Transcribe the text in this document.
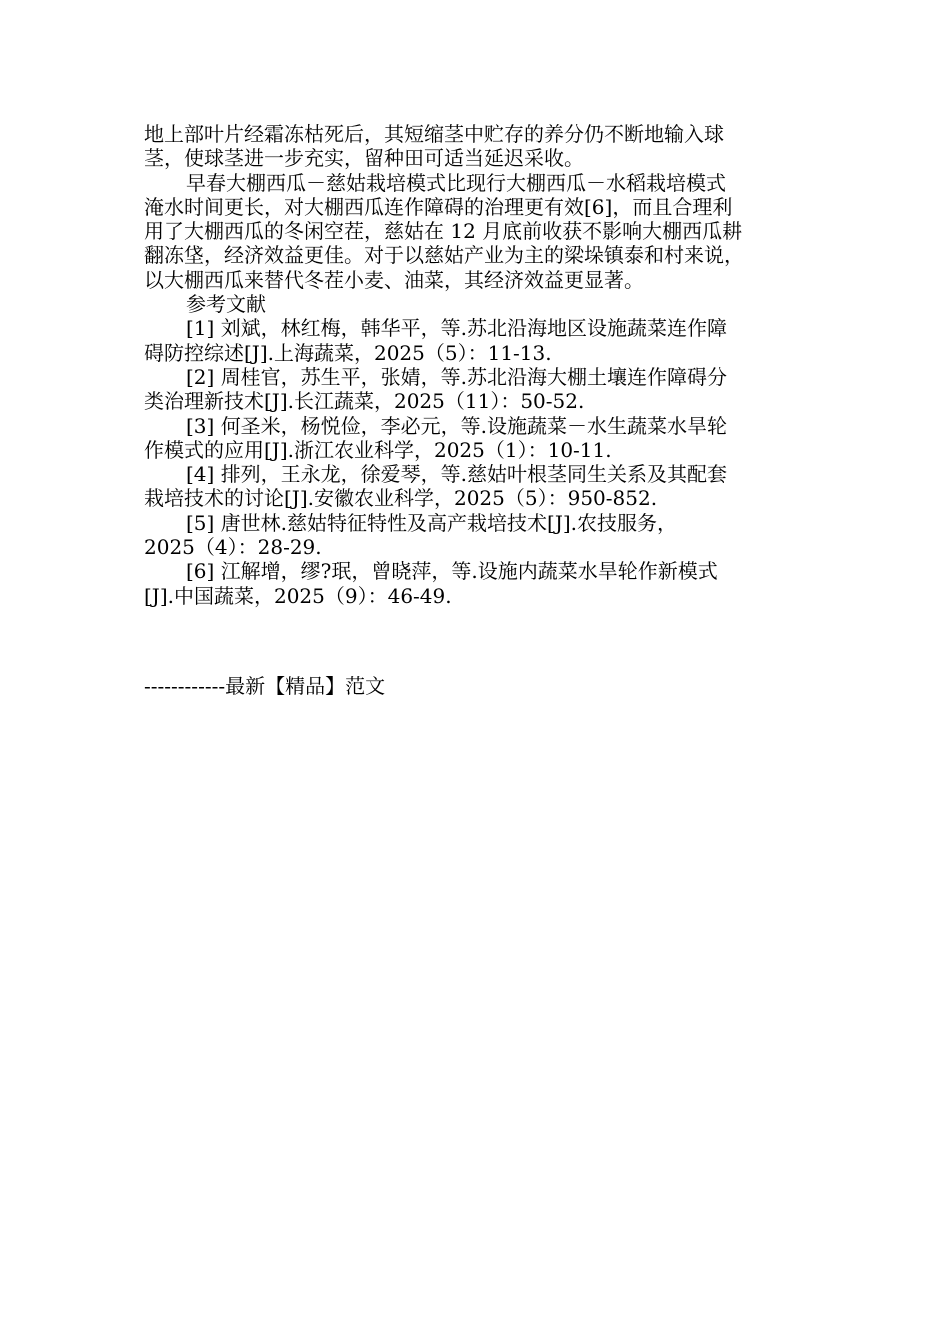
地上部叶片经霜冻枯死后，其短缩茎中贮存的养分仍不断地输入球
茎，使球茎进一步充实，留种田可适当延迟采收。
早春大棚西瓜－慈姑栽培模式比现行大棚西瓜－水稻栽培模式
淹水时间更长，对大棚西瓜连作障碍的治理更有效[6]，而且合理利
用了大棚西瓜的冬闲空茬，慈姑在 12 月底前收获不影响大棚西瓜耕
翻冻垡，经济效益更佳。对于以慈姑产业为主的梁垛镇泰和村来说，
以大棚西瓜来替代冬茬小麦、油菜，其经济效益更显著。
参考文献
[1] 刘斌，林红梅，韩华平，等.苏北沿海地区设施蔬菜连作障
碍防控综述[J].上海蔬菜，2025（5）：11-13.
[2] 周桂官，苏生平，张婧，等.苏北沿海大棚土壤连作障碍分
类治理新技术[J].长江蔬菜，2025（11）：50-52.
[3] 何圣米，杨悦俭，李必元，等.设施蔬菜－水生蔬菜水旱轮
作模式的应用[J].浙江农业科学，2025（1）：10-11.
[4] 排列，王永龙，徐爱琴，等.慈姑叶根茎同生关系及其配套
栽培技术的讨论[J].安徽农业科学，2025（5）：950-852.
[5] 唐世林.慈姑特征特性及高产栽培技术[J].农技服务，
2025（4）：28-29.
[6] 江解增，缪?珉，曾晓萍，等.设施内蔬菜水旱轮作新模式
[J].中国蔬菜，2025（9）：46-49.
------------最新【精品】范文
